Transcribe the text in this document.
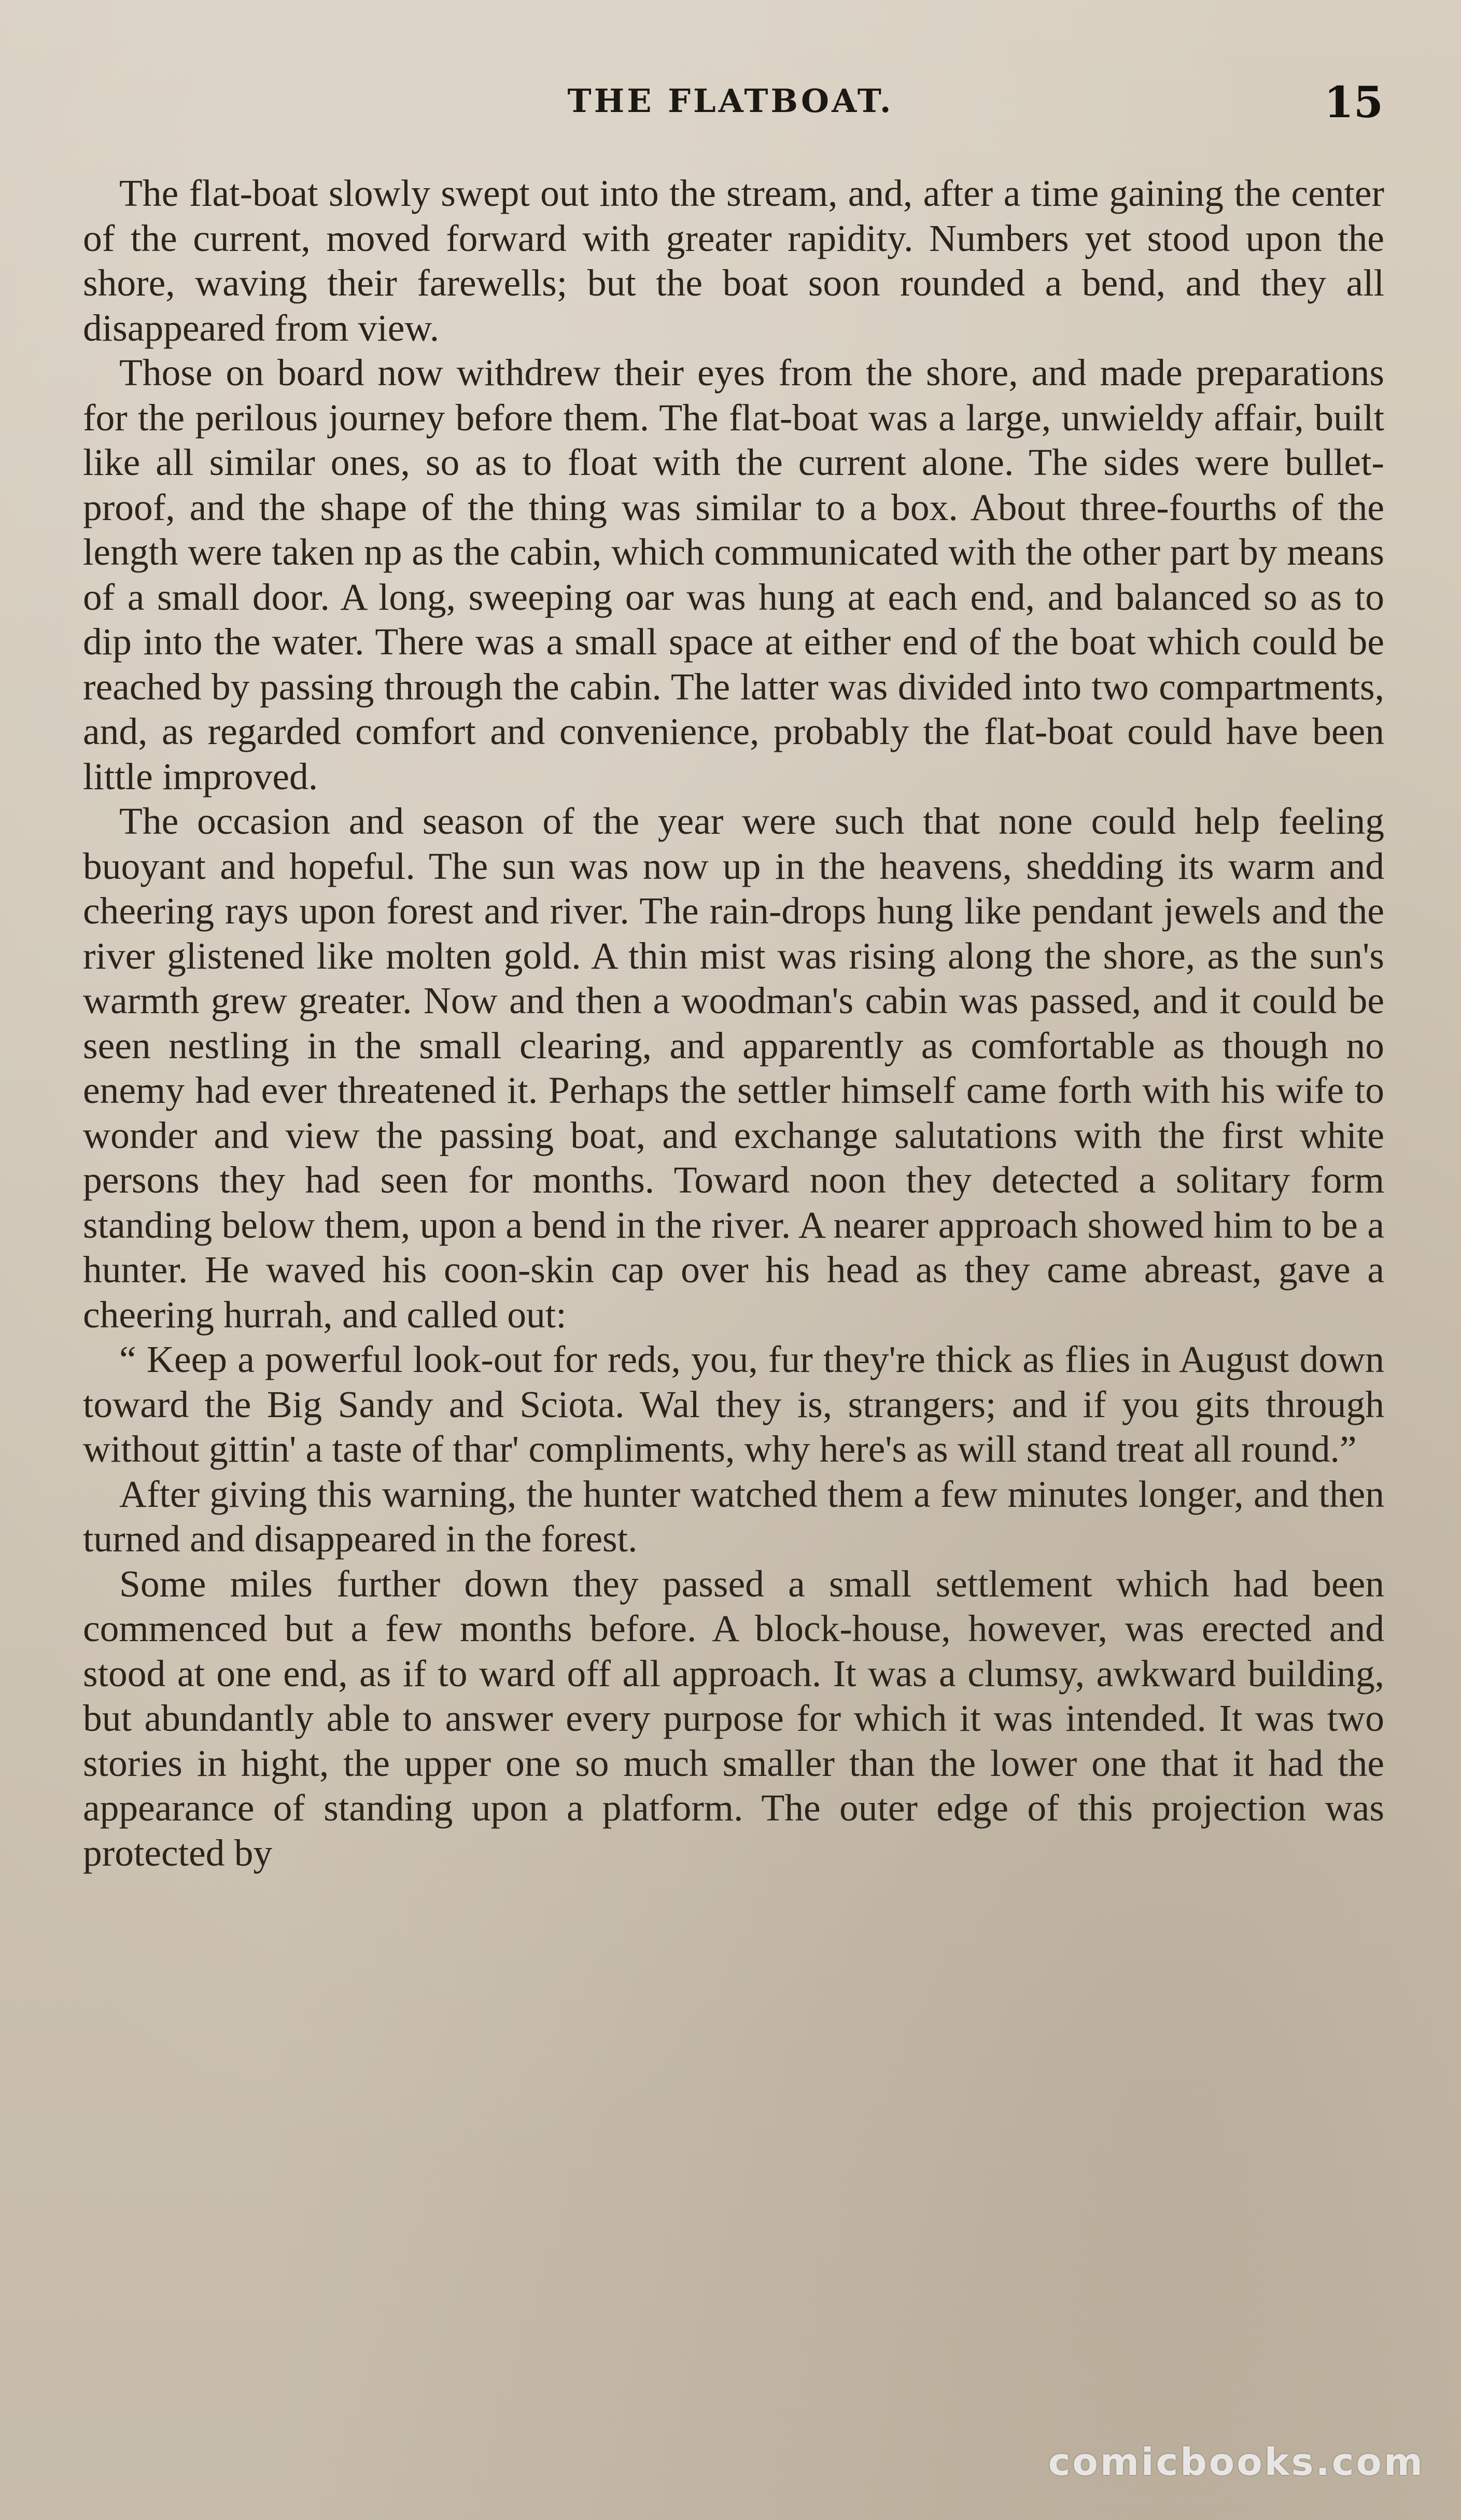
THE FLATBOAT.	15

The flat-boat slowly swept out into the stream, and, after a time gaining the center of the current, moved forward with greater rapidity. Numbers yet stood upon the shore, waving their farewells; but the boat soon rounded a bend, and they all disappeared from view.

Those on board now withdrew their eyes from the shore, and made preparations for the perilous journey before them. The flat-boat was a large, unwieldy affair, built like all similar ones, so as to float with the current alone. The sides were bullet-proof, and the shape of the thing was similar to a box. About three-fourths of the length were taken np as the cabin, which communicated with the other part by means of a small door. A long, sweeping oar was hung at each end, and balanced so as to dip into the water. There was a small space at either end of the boat which could be reached by passing through the cabin. The latter was divided into two compartments, and, as regarded comfort and convenience, probably the flat-boat could have been little improved.

The occasion and season of the year were such that none could help feeling buoyant and hopeful. The sun was now up in the heavens, shedding its warm and cheering rays upon forest and river. The rain-drops hung like pendant jewels and the river glistened like molten gold. A thin mist was rising along the shore, as the sun's warmth grew greater. Now and then a woodman's cabin was passed, and it could be seen nestling in the small clearing, and apparently as comfortable as though no enemy had ever threatened it. Perhaps the settler himself came forth with his wife to wonder and view the passing boat, and exchange salutations with the first white persons they had seen for months. Toward noon they detected a solitary form standing below them, upon a bend in the river. A nearer approach showed him to be a hunter. He waved his coon-skin cap over his head as they came abreast, gave a cheering hurrah, and called out:

“ Keep a powerful look-out for reds, you, fur they're thick as flies in August down toward the Big Sandy and Sciota. Wal they is, strangers; and if you gits through without gittin' a taste of thar' compliments, why here's as will stand treat all round.”

After giving this warning, the hunter watched them a few minutes longer, and then turned and disappeared in the forest.

Some miles further down they passed a small settlement which had been commenced but a few months before. A block-house, however, was erected and stood at one end, as if to ward off all approach. It was a clumsy, awkward building, but abundantly able to answer every purpose for which it was intended. It was two stories in hight, the upper one so much smaller than the lower one that it had the appearance of standing upon a platform. The outer edge of this projection was protected by

comicbooks.com
